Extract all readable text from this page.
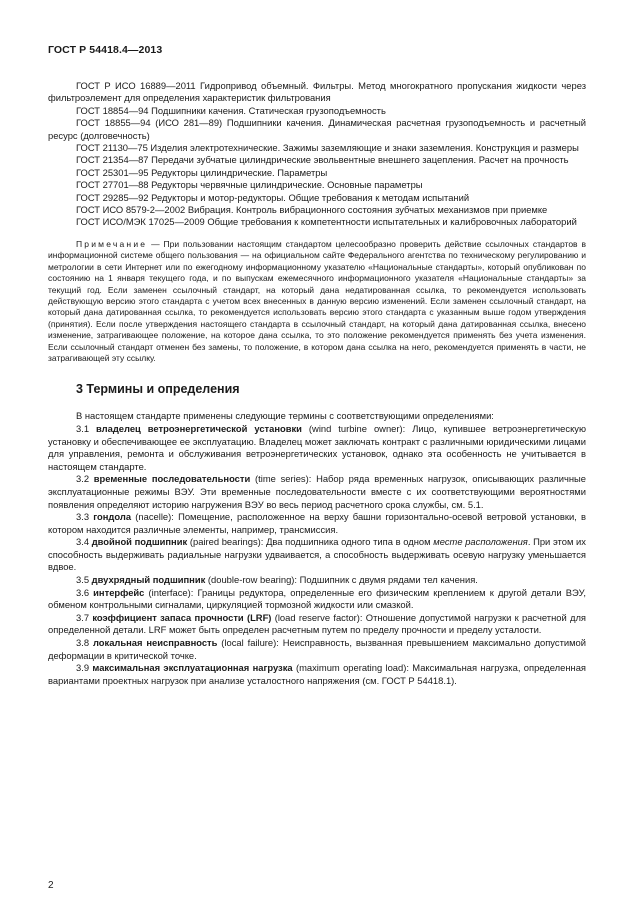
ГОСТ Р 54418.4—2013

ГОСТ Р ИСО 16889—2011 Гидропривод объемный. Фильтры. Метод многократного пропускания жидкости через фильтроэлемент для определения характеристик фильтрования

ГОСТ 18854—94 Подшипники качения. Статическая грузоподъемность

ГОСТ 18855—94 (ИСО 281—89) Подшипники качения. Динамическая расчетная грузоподъемность и расчетный ресурс (долговечность)

ГОСТ 21130—75 Изделия электротехнические. Зажимы заземляющие и знаки заземления. Конструкция и размеры

ГОСТ 21354—87 Передачи зубчатые цилиндрические эвольвентные внешнего зацепления. Расчет на прочность

ГОСТ 25301—95 Редукторы цилиндрические. Параметры

ГОСТ 27701—88 Редукторы червячные цилиндрические. Основные параметры

ГОСТ 29285—92 Редукторы и мотор-редукторы. Общие требования к методам испытаний

ГОСТ ИСО 8579-2—2002 Вибрация. Контроль вибрационного состояния зубчатых механизмов при приемке

ГОСТ ИСО/МЭК 17025—2009 Общие требования к компетентности испытательных и калибровочных лабораторий

Примечание — При пользовании настоящим стандартом целесообразно проверить действие ссылочных стандартов в информационной системе общего пользования — на официальном сайте Федерального агентства по техническому регулированию и метрологии в сети Интернет или по ежегодному информационному указателю «Национальные стандарты», который опубликован по состоянию на 1 января текущего года, и по выпускам ежемесячного информационного указателя «Национальные стандарты» за текущий год. Если заменен ссылочный стандарт, на который дана недатированная ссылка, то рекомендуется использовать действующую версию этого стандарта с учетом всех внесенных в данную версию изменений. Если заменен ссылочный стандарт, на который дана датированная ссылка, то рекомендуется использовать версию этого стандарта с указанным выше годом утверждения (принятия). Если после утверждения настоящего стандарта в ссылочный стандарт, на который дана датированная ссылка, внесено изменение, затрагивающее положение, на которое дана ссылка, то это положение рекомендуется применять без учета изменения. Если ссылочный стандарт отменен без замены, то положение, в котором дана ссылка на него, рекомендуется применять в части, не затрагивающей эту ссылку.

3 Термины и определения

В настоящем стандарте применены следующие термины с соответствующими определениями:

3.1 владелец ветроэнергетической установки (wind turbine owner): Лицо, купившее ветроэнергетическую установку и обеспечивающее ее эксплуатацию. Владелец может заключать контракт с различными юридическими лицами для управления, ремонта и обслуживания ветроэнергетических установок, однако эта особенность не учитывается в настоящем стандарте.

3.2 временные последовательности (time series): Набор ряда временных нагрузок, описывающих различные эксплуатационные режимы ВЭУ. Эти временные последовательности вместе с их соответствующими вероятностями появления определяют историю нагружения ВЭУ во весь период расчетного срока службы, см. 5.1.

3.3 гондола (nacelle): Помещение, расположенное на верху башни горизонтально-осевой ветровой установки, в котором находится различные элементы, например, трансмиссия.

3.4 двойной подшипник (paired bearings): Два подшипника одного типа в одном месте расположения. При этом их способность выдерживать радиальные нагрузки удваивается, а способность выдерживать осевую нагрузку уменьшается вдвое.

3.5 двухрядный подшипник (double-row bearing): Подшипник с двумя рядами тел качения.

3.6 интерфейс (interface): Границы редуктора, определенные его физическим креплением к другой детали ВЭУ, обменом контрольными сигналами, циркуляцией тормозной жидкости или смазкой.

3.7 коэффициент запаса прочности (LRF) (load reserve factor): Отношение допустимой нагрузки к расчетной для определенной детали. LRF может быть определен расчетным путем по пределу прочности и пределу усталости.

3.8 локальная неисправность (local failure): Неисправность, вызванная превышением максимально допустимой деформации в критической точке.

3.9 максимальная эксплуатационная нагрузка (maximum operating load): Максимальная нагрузка, определенная вариантами проектных нагрузок при анализе усталостного напряжения (см. ГОСТ Р 54418.1).

2
